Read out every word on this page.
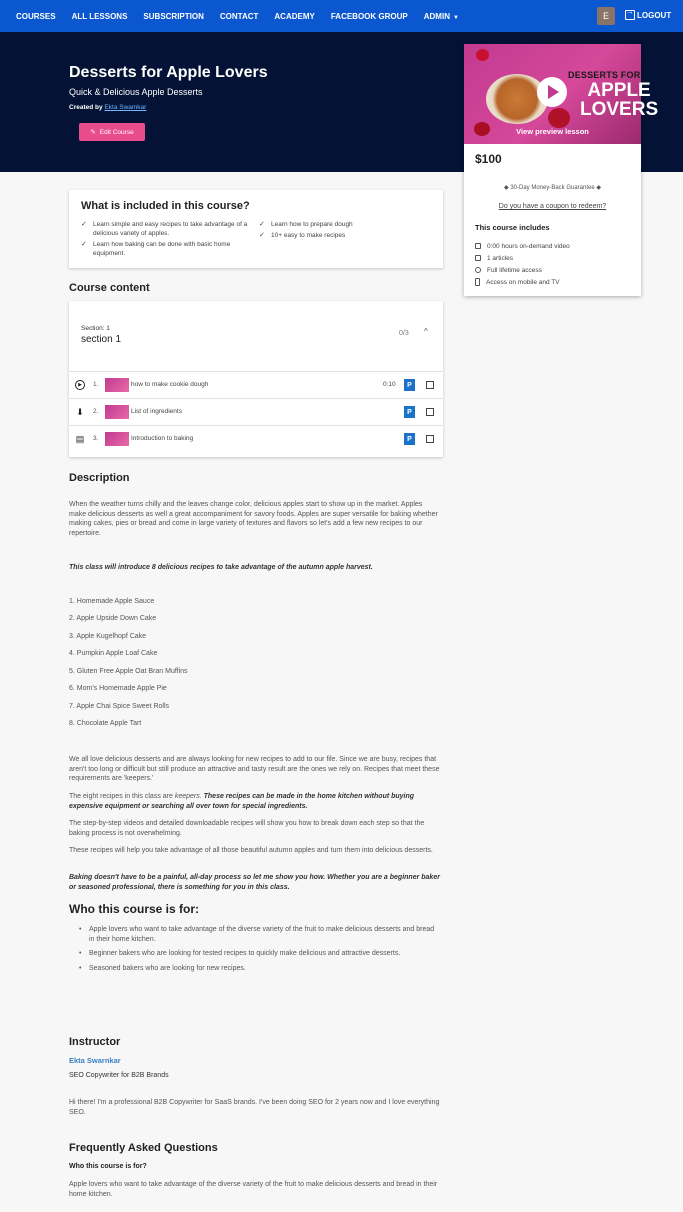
COURSES ALL LESSONS SUBSCRIPTION CONTACT ACADEMY FACEBOOK GROUP ADMIN ▼	E
→	LOGOUT
Desserts for Apple Lovers
Quick & Delicious Apple Desserts
Created by Ekta Swamkar
✎ Edit Course
DESSERTS FOR
APPLE
LOVERS
View preview lesson
$100
◆ 30-Day Money-Back Guarantee ◆
Do you have a coupon to redeem?
This course includes
0:00 hours on-demand video
1 articles
Full lifetime access
Access on mobile and TV
What is included in this course?
✓ Learn simple and easy recipes to take advantage of a delicious variety of apples.
✓ Learn how baking can be done with basic home equipment.
✓ Learn how to prepare dough
✓ 10+ easy to make recipes
Course content
Section: 1
section 1
0/3 ^
▶	1.	how to make cookie dough	0:10	P
⬇ 2.	List of ingredients	P
▤ 3.	Introduction to baking	P
Description
When the weather turns chilly and the leaves change color, delicious apples start to show up in the market. Apples make delicious desserts as well a great accompaniment for savory foods. Apples are super versatile for baking whether making cakes, pies or bread and come in large variety of textures and flavors so let's add a few new recipes to our repertoire.
This class will introduce 8 delicious recipes to take advantage of the autumn apple harvest.
1. Homemade Apple Sauce
2. Apple Upside Down Cake
3. Apple Kugelhopf Cake
4. Pumpkin Apple Loaf Cake
5. Gluten Free Apple Oat Bran Muffins
6. Mom's Homemade Apple Pie
7. Apple Chai Spice Sweet Rolls
8. Chocolate Apple Tart
We all love delicious desserts and are always looking for new recipes to add to our file. Since we are busy, recipes that aren't too long or difficult but still produce an attractive and tasty result are the ones we rely on. Recipes that meet these requirements are 'keepers.'
The eight recipes in this class are keepers. These recipes can be made in the home kitchen without buying expensive equipment or searching all over town for special ingredients.
The step-by-step videos and detailed downloadable recipes will show you how to break down each step so that the baking process is not overwhelming.
These recipes will help you take advantage of all those beautiful autumn apples and turn them into delicious desserts.
Baking doesn't have to be a painful, all-day process so let me show you how. Whether you are a beginner baker or seasoned professional, there is something for you in this class.
Who this course is for:
• Apple lovers who want to take advantage of the diverse variety of the fruit to make delicious desserts and bread in their home kitchen.
• Beginner bakers who are looking for tested recipes to quickly make delicious and attractive desserts.
• Seasoned bakers who are looking for new recipes.
Instructor
Ekta Swarnkar
SEO Copywriter for B2B Brands
Hi there! I'm a professional B2B Copywriter for SaaS brands. I've been doing SEO for 2 years now and I love everything SEO.
Frequently Asked Questions
Who this course is for?
Apple lovers who want to take advantage of the diverse variety of the fruit to make delicious desserts and bread in their home kitchen.
